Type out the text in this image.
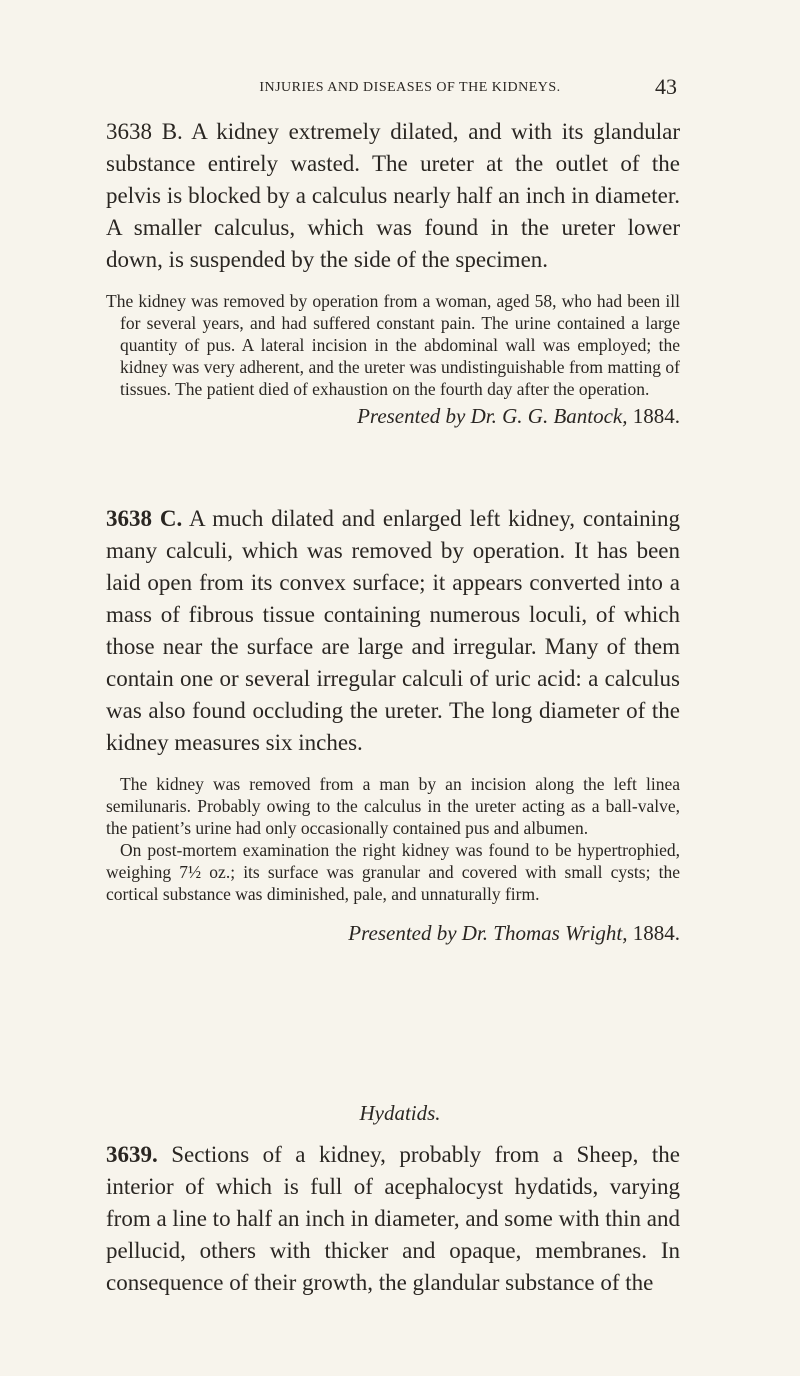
INJURIES AND DISEASES OF THE KIDNEYS.	43

3638 B. A kidney extremely dilated, and with its glandular substance entirely wasted. The ureter at the outlet of the pelvis is blocked by a calculus nearly half an inch in diameter. A smaller calculus, which was found in the ureter lower down, is suspended by the side of the specimen.

The kidney was removed by operation from a woman, aged 58, who had been ill for several years, and had suffered constant pain. The urine contained a large quantity of pus. A lateral incision in the abdominal wall was employed; the kidney was very adherent, and the ureter was undistinguishable from matting of tissues. The patient died of exhaustion on the fourth day after the operation.

Presented by Dr. G. G. Bantock, 1884.

3638 C. A much dilated and enlarged left kidney, containing many calculi, which was removed by operation. It has been laid open from its convex surface; it appears converted into a mass of fibrous tissue containing numerous loculi, of which those near the surface are large and irregular. Many of them contain one or several irregular calculi of uric acid: a calculus was also found occluding the ureter. The long diameter of the kidney measures six inches.

The kidney was removed from a man by an incision along the left linea semilunaris. Probably owing to the calculus in the ureter acting as a ball-valve, the patient’s urine had only occasionally contained pus and albumen.

On post-mortem examination the right kidney was found to be hypertrophied, weighing 7½ oz.; its surface was granular and covered with small cysts; the cortical substance was diminished, pale, and unnaturally firm.

Presented by Dr. Thomas Wright, 1884.

Hydatids.

3639. Sections of a kidney, probably from a Sheep, the interior of which is full of acephalocyst hydatids, varying from a line to half an inch in diameter, and some with thin and pellucid, others with thicker and opaque, membranes. In consequence of their growth, the glandular substance of the
